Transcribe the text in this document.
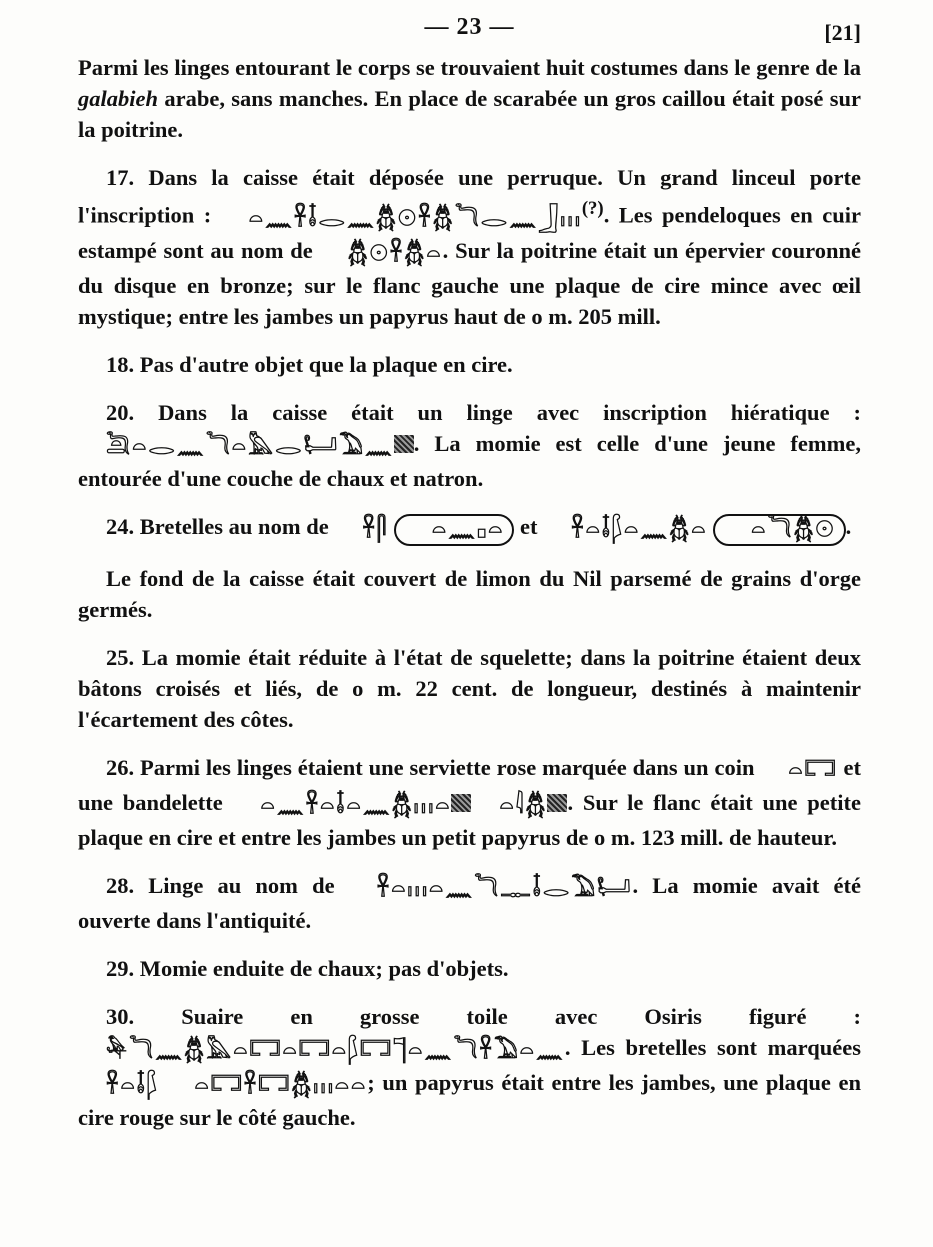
— 23 —	[21]

Parmi les linges entourant le corps se trouvaient huit costumes dans le genre de la galabieh arabe, sans manches. En place de scarabée un gros caillou était posé sur la poitrine.

17. Dans la caisse était déposée une perruque. Un grand linceul porte l'inscription : 𓏏𓈖𓋹𓄤𓂋𓈖𓆣𓇳𓋹𓆣𓆓𓂋𓈖𓃀𓏥(?). Les pendeloques en cuir estampé sont au nom de 𓆣𓇳𓋹𓆣𓏏. Sur la poitrine était un épervier couronné du disque en bronze; sur le flanc gauche une plaque de cire mince avec œil mystique; entre les jambes un papyrus haut de o m. 205 mill.

18. Pas d'autre objet que la plaque en cire.

20. Dans la caisse était un linge avec inscription hiératique : 𓆖𓏏𓂋𓈖𓆓𓏏𓅓𓂋𓂡𓅐𓈖 . La momie est celle d'une jeune femme, entourée d'une couche de chaux et natron.

24. Bretelles au nom de 𓋹𓋴 𓏏𓈖𓊪𓏏 et 𓋹𓏏𓄤𓆄𓏏𓈖𓆣𓏏 𓏏𓆓𓆣𓇳 .

Le fond de la caisse était couvert de limon du Nil parsemé de grains d'orge germés.

25. La momie était réduite à l'état de squelette; dans la poitrine étaient deux bâtons croisés et liés, de o m. 22 cent. de longueur, destinés à maintenir l'écartement des côtes.

26. Parmi les linges étaient une serviette rose marquée dans un coin 𓏏𓉐 et une bandelette 𓏏𓈖𓋹𓏏𓄤𓏏𓈖𓆣𓏥𓏏 𓏏𓇋𓆣 . Sur le flanc était une petite plaque en cire et entre les jambes un petit papyrus de o m. 123 mill. de hauteur.

28. Linge au nom de 𓋹𓏏𓏥𓏏𓈖𓆓𓊃𓄤𓂋𓅐𓂡. La momie avait été ouverte dans l'antiquité.

29. Momie enduite de chaux; pas d'objets.

30. Suaire en grosse toile avec Osiris figuré : 𓅆𓆓𓈖𓆣𓅓𓏏𓉐𓏏𓉐𓏏𓆄𓉐𓊹𓏏𓈖𓆓𓋹𓅐𓏏𓈖. Les bretelles sont marquées 𓋹𓏏𓄤𓆄 𓏏𓉐𓋹𓉐𓆣𓏥𓏏𓏏; un papyrus était entre les jambes, une plaque en cire rouge sur le côté gauche.
